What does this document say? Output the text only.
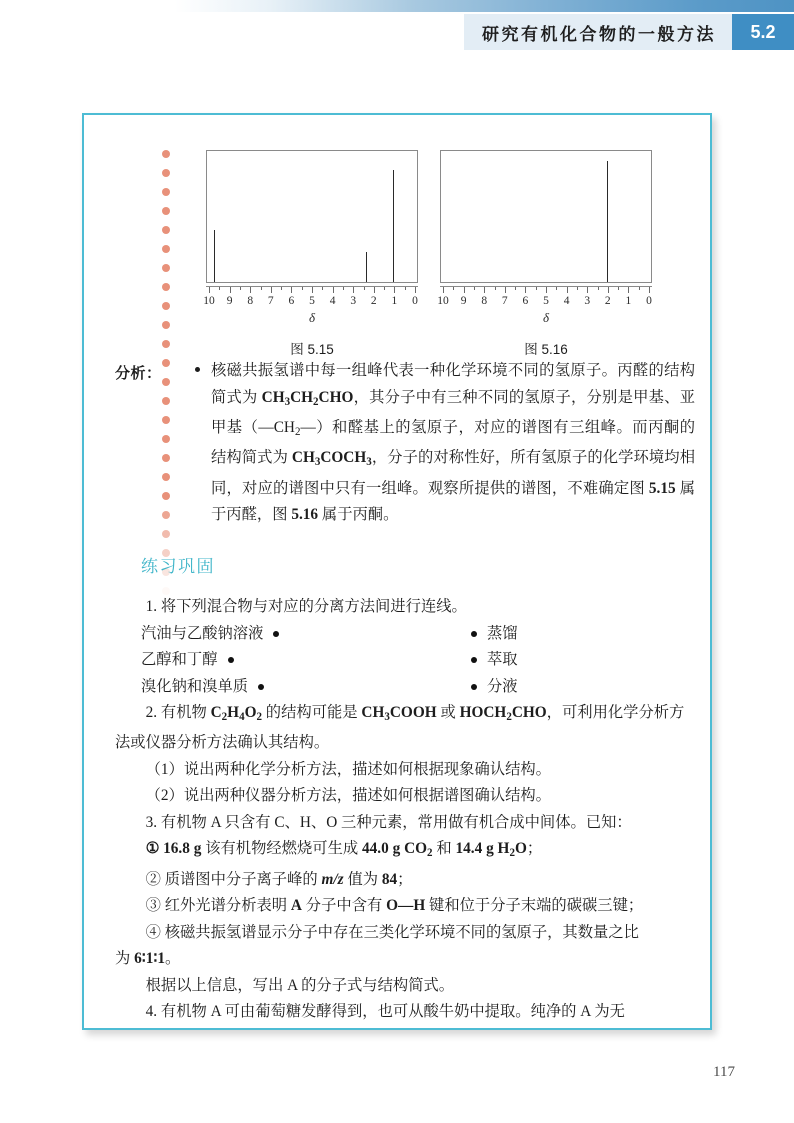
研究有机化合物的一般方法	5.2
10 9 8 7 6 5 4 3 2 1 0
δ
图 5.15
10 9 8 7 6 5 4 3 2 1 0
δ
图 5.16
分析：	核磁共振氢谱中每一组峰代表一种化学环境不同的氢原子。丙醛的结构简式为 $CH_3CH_2CHO$，其分子中有三种不同的氢原子，分别是甲基、亚甲基$(—CH_2—)$和醛基上的氢原子，对应的谱图有三组峰。而丙酮的结构简式为 $CH_3COCH_3$，分子的对称性好，所有氢原子的化学环境均相同，对应的谱图中只有一组峰。观察所提供的谱图，不难确定图 5.15 属于丙醛，图 5.16 属于丙酮。
练习巩固
1. 将下列混合物与对应的分离方法间进行连线。
汽油与乙酸钠溶液	蒸馏
乙醇和丁醇	萃取
溴化钠和溴单质	分液
2. 有机物 $C_2H_4O_2$ 的结构可能是 $CH_3COOH$ 或 $HOCH_2CHO$，可利用化学分析方法或仪器分析方法确认其结构。
（1）说出两种化学分析方法，描述如何根据现象确认结构。
（2）说出两种仪器分析方法，描述如何根据谱图确认结构。
3. 有机物 A 只含有 C、H、O 三种元素，常用做有机合成中间体。已知：
① 16.8 g 该有机物经燃烧可生成 44.0 g $CO_2$ 和 14.4 g $H_2O$；
② 质谱图中分子离子峰的 m/z 值为 84；
③ 红外光谱分析表明 A 分子中含有 O—H 键和位于分子末端的碳碳三键；
④ 核磁共振氢谱显示分子中存在三类化学环境不同的氢原子，其数量之比
为 6∶1∶1。
根据以上信息，写出 A 的分子式与结构简式。
4. 有机物 A 可由葡萄糖发酵得到，也可从酸牛奶中提取。纯净的 A 为无
117
